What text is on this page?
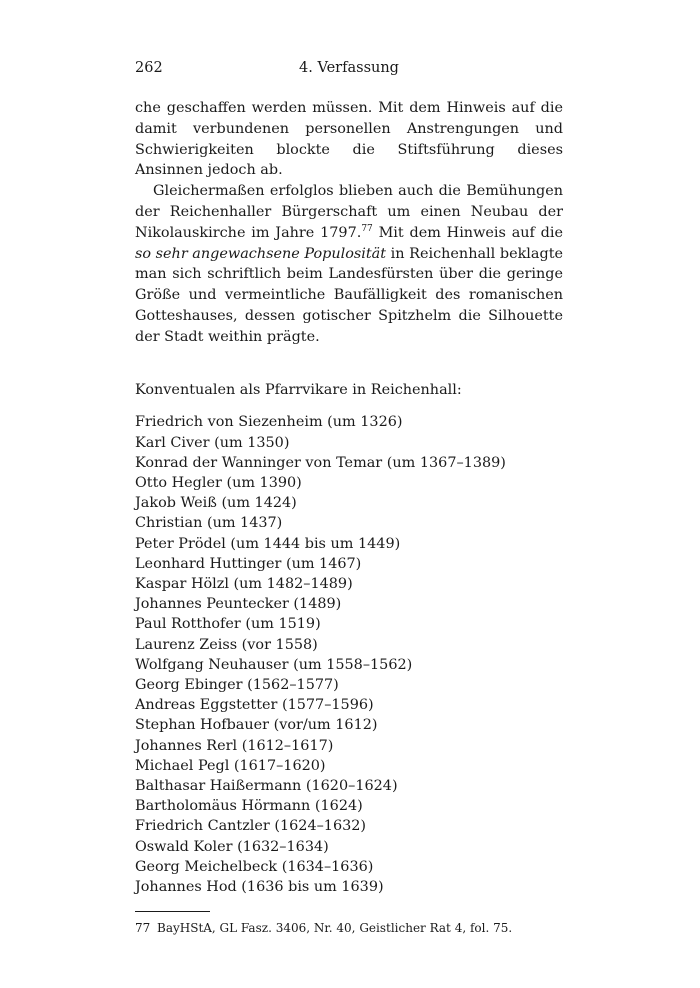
262	4. Verfassung

che geschaffen werden müssen. Mit dem Hinweis auf die damit verbundenen personellen Anstrengungen und Schwierigkeiten blockte die Stiftsführung dieses Ansinnen jedoch ab.

Gleichermaßen erfolglos blieben auch die Bemühungen der Reichenhaller Bürgerschaft um einen Neubau der Nikolauskirche im Jahre 1797.77 Mit dem Hinweis auf die so sehr angewachsene Populosität in Reichenhall beklagte man sich schriftlich beim Landesfürsten über die geringe Größe und vermeintliche Baufälligkeit des romanischen Gotteshauses, dessen gotischer Spitzhelm die Silhouette der Stadt weithin prägte.

Konventualen als Pfarrvikare in Reichenhall:
Friedrich von Siezenheim (um 1326)
Karl Civer (um 1350)
Konrad der Wanninger von Temar (um 1367–1389)
Otto Hegler (um 1390)
Jakob Weiß (um 1424)
Christian (um 1437)
Peter Prödel (um 1444 bis um 1449)
Leonhard Huttinger (um 1467)
Kaspar Hölzl (um 1482–1489)
Johannes Peuntecker (1489)
Paul Rotthofer (um 1519)
Laurenz Zeiss (vor 1558)
Wolfgang Neuhauser (um 1558–1562)
Georg Ebinger (1562–1577)
Andreas Eggstetter (1577–1596)
Stephan Hofbauer (vor/um 1612)
Johannes Rerl (1612–1617)
Michael Pegl (1617–1620)
Balthasar Haißermann (1620–1624)
Bartholomäus Hörmann (1624)
Friedrich Cantzler (1624–1632)
Oswald Koler (1632–1634)
Georg Meichelbeck (1634–1636)
Johannes Hod (1636 bis um 1639)
77 BayHStA, GL Fasz. 3406, Nr. 40, Geistlicher Rat 4, fol. 75.
